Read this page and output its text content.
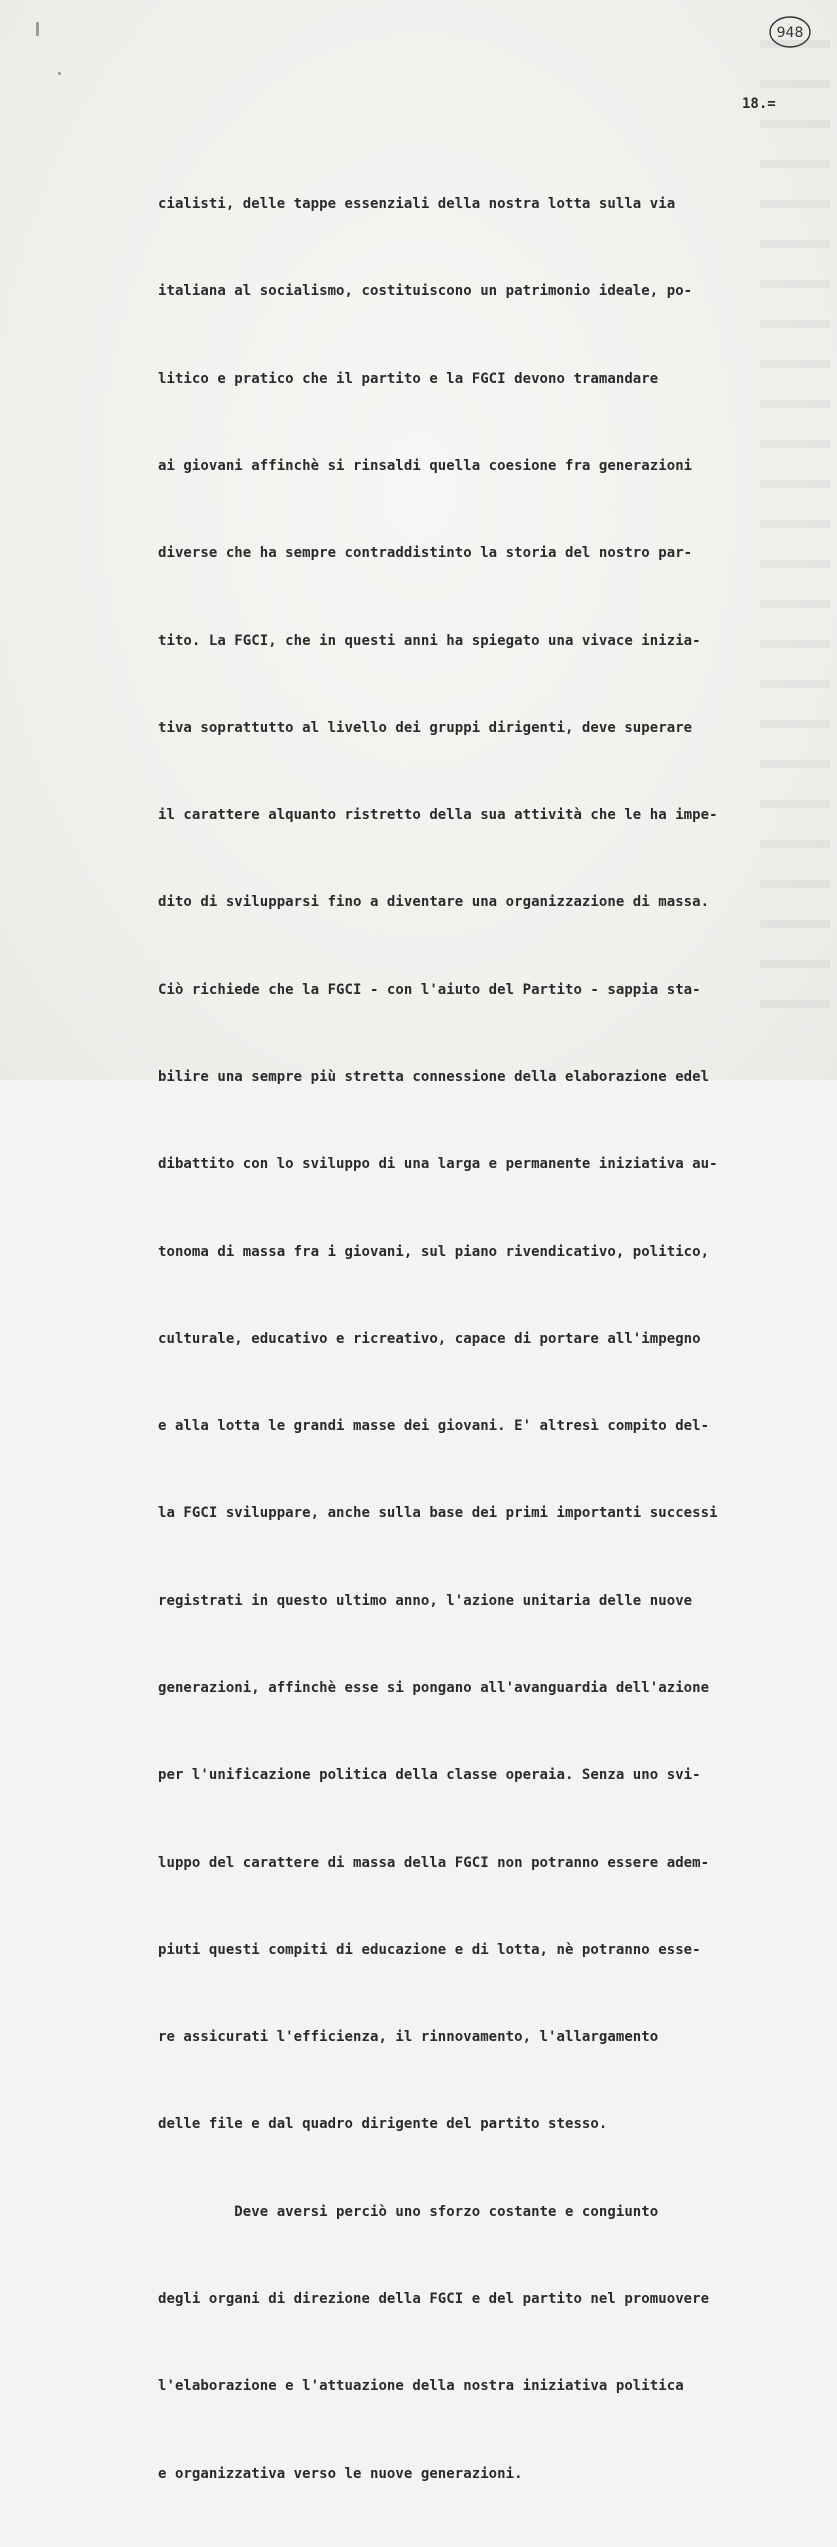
948
18.=

cialisti, delle tappe essenziali della nostra lotta sulla via

italiana al socialismo, costituiscono un patrimonio ideale, po-

litico e pratico che il partito e la FGCI devono tramandare

ai giovani affinchè si rinsaldi quella coesione fra generazioni

diverse che ha sempre contraddistinto la storia del nostro par-

tito. La FGCI, che in questi anni ha spiegato una vivace inizia-

tiva soprattutto al livello dei gruppi dirigenti, deve superare

il carattere alquanto ristretto della sua attività che le ha impe-

dito di svilupparsi fino a diventare una organizzazione di massa.

Ciò richiede che la FGCI - con l'aiuto del Partito - sappia sta-

bilire una sempre più stretta connessione della elaborazione edel

dibattito con lo sviluppo di una larga e permanente iniziativa au-

tonoma di massa fra i giovani, sul piano rivendicativo, politico,

culturale, educativo e ricreativo, capace di portare all'impegno

e alla lotta le grandi masse dei giovani. E' altresì compito del-

la FGCI sviluppare, anche sulla base dei primi importanti successi

registrati in questo ultimo anno, l'azione unitaria delle nuove

generazioni, affinchè esse si pongano all'avanguardia dell'azione

per l'unificazione politica della classe operaia. Senza uno svi-

luppo del carattere di massa della FGCI non potranno essere adem-

piuti questi compiti di educazione e di lotta, nè potranno esse-

re assicurati l'efficienza, il rinnovamento, l'allargamento

delle file e dal quadro dirigente del partito stesso.

Deve aversi perciò uno sforzo costante e congiunto

degli organi di direzione della FGCI e del partito nel promuovere

l'elaborazione e l'attuazione della nostra iniziativa politica

e organizzativa verso le nuove generazioni.
